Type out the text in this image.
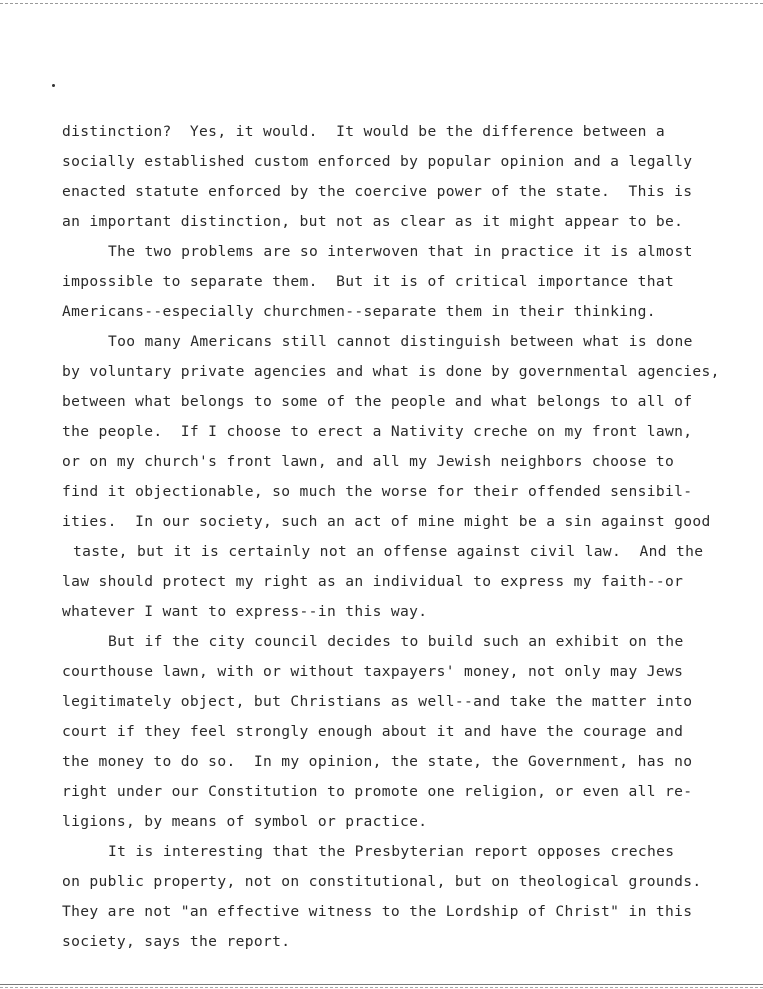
distinction?  Yes, it would.  It would be the difference between a
socially established custom enforced by popular opinion and a legally
enacted statute enforced by the coercive power of the state.  This is
an important distinction, but not as clear as it might appear to be.
The two problems are so interwoven that in practice it is almost
impossible to separate them.  But it is of critical importance that
Americans--especially churchmen--separate them in their thinking.
Too many Americans still cannot distinguish between what is done
by voluntary private agencies and what is done by governmental agencies,
between what belongs to some of the people and what belongs to all of
the people.  If I choose to erect a Nativity creche on my front lawn,
or on my church's front lawn, and all my Jewish neighbors choose to
find it objectionable, so much the worse for their offended sensibil-
ities.  In our society, such an act of mine might be a sin against good
taste, but it is certainly not an offense against civil law.  And the
law should protect my right as an individual to express my faith--or
whatever I want to express--in this way.
But if the city council decides to build such an exhibit on the
courthouse lawn, with or without taxpayers' money, not only may Jews
legitimately object, but Christians as well--and take the matter into
court if they feel strongly enough about it and have the courage and
the money to do so.  In my opinion, the state, the Government, has no
right under our Constitution to promote one religion, or even all re-
ligions, by means of symbol or practice.
It is interesting that the Presbyterian report opposes creches
on public property, not on constitutional, but on theological grounds.
They are not "an effective witness to the Lordship of Christ" in this
society, says the report.
